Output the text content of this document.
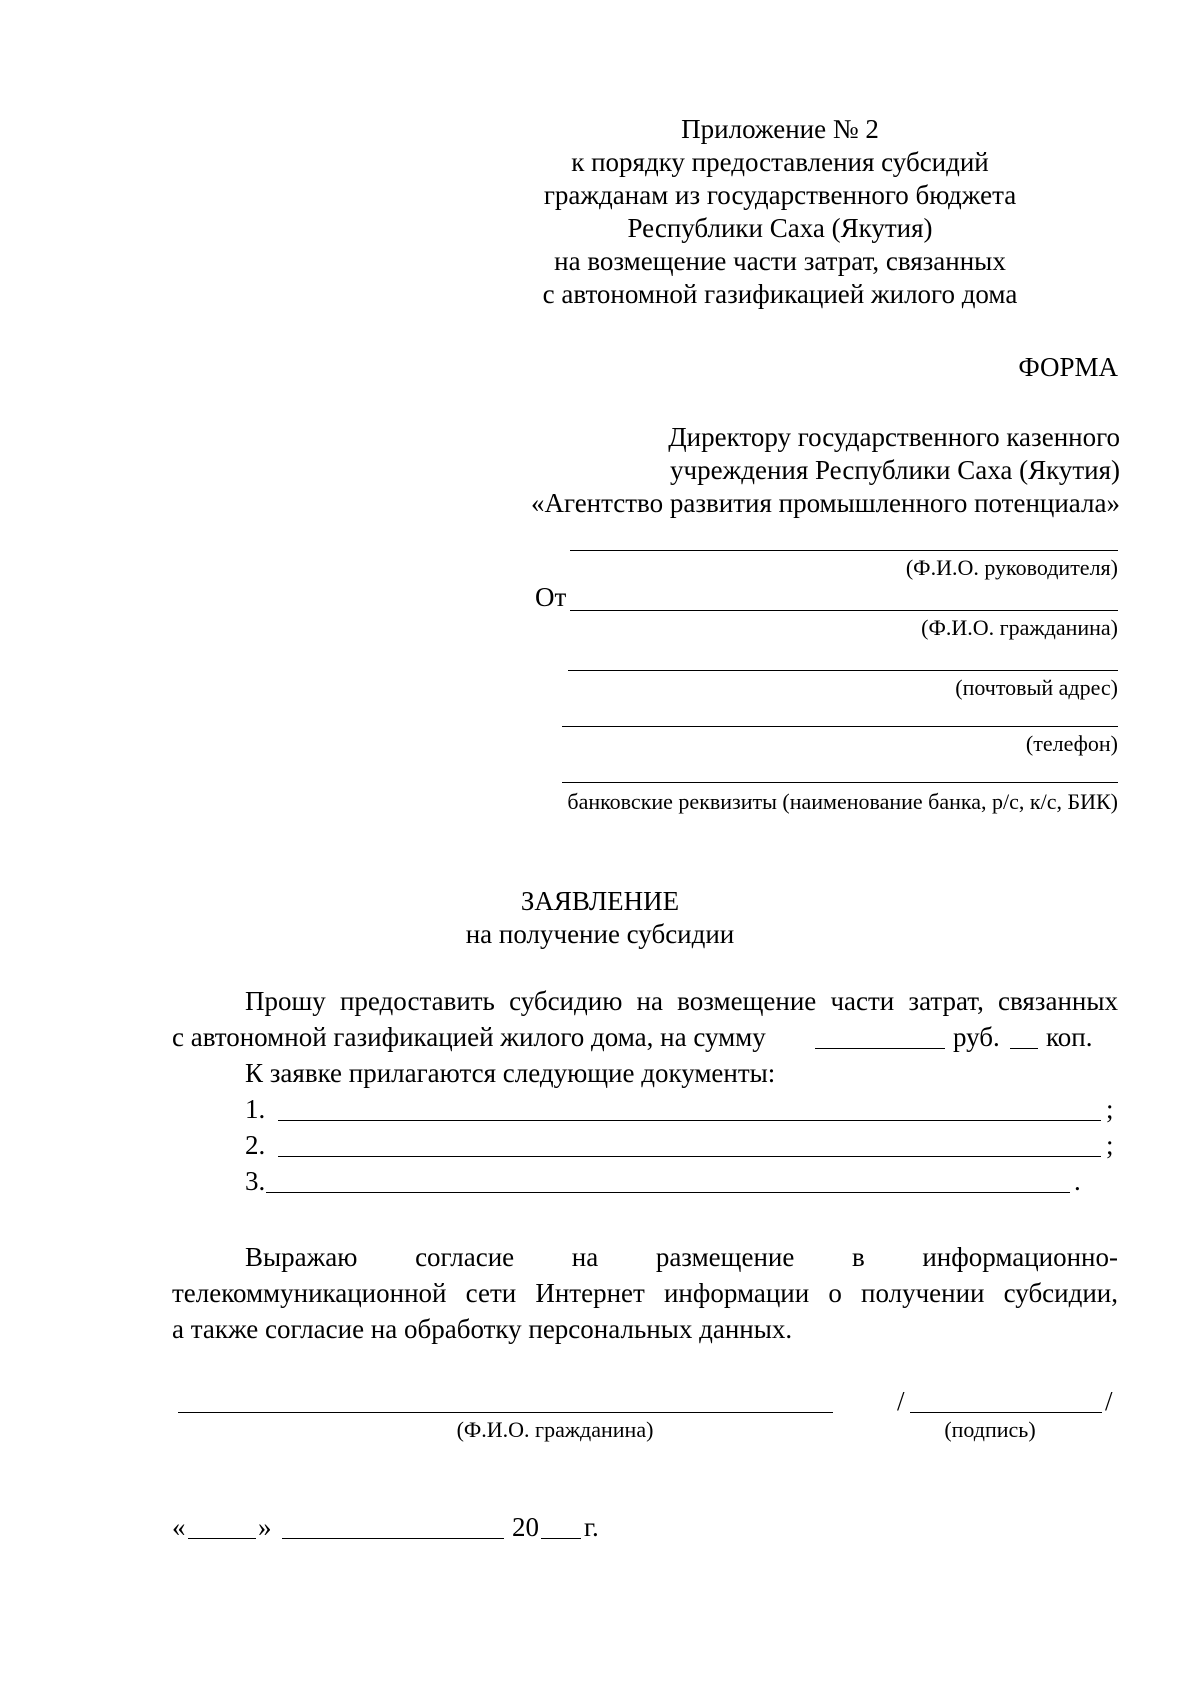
Приложение № 2
к порядку предоставления субсидий
гражданам из государственного бюджета
Республики Саха (Якутия)
на возмещение части затрат, связанных
с автономной газификацией жилого дома
ФОРМА
Директору государственного казенного
учреждения Республики Саха (Якутия)
«Агентство развития промышленного потенциала»
(Ф.И.О. руководителя)
От
(Ф.И.О. гражданина)
(почтовый адрес)
(телефон)
банковские реквизиты (наименование банка, р/с, к/с, БИК)
ЗАЯВЛЕНИЕ
на получение субсидии
Прошу предоставить субсидию на возмещение части затрат, связанных
с автономной газификацией жилого дома, на сумму	руб. коп.
К заявке прилагаются следующие документы:
1.	;
2.	;
3.	.
Выражаю согласие на размещение в информационно-
телекоммуникационной сети Интернет информации о получении субсидии,
а также согласие на обработку персональных данных.
(Ф.И.О. гражданина)
/	/
(подпись)
«	»	20 г.
